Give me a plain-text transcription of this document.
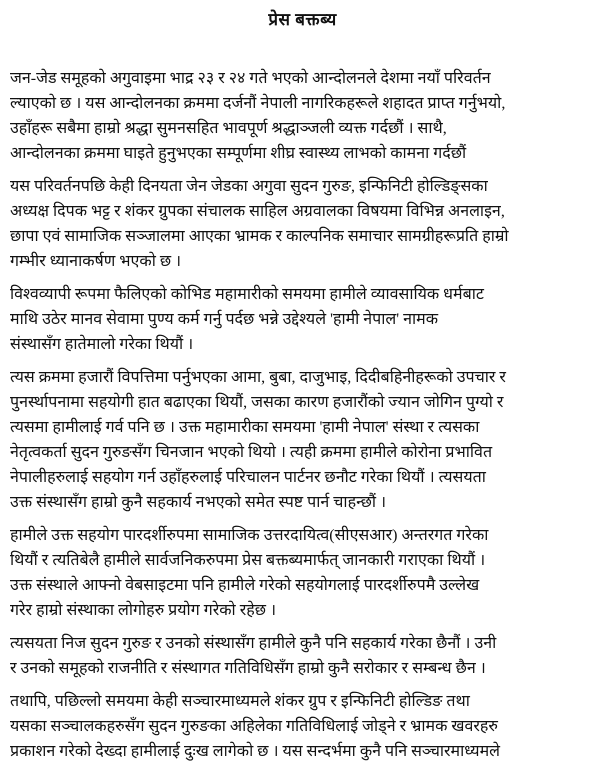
प्रेस बक्तब्य
जन-जेड समूहको अगुवाइमा भाद्र २३ र २४ गते भएको आन्दोलनले देशमा नयाँ परिवर्तन
ल्याएको छ । यस आन्दोलनका क्रममा दर्जनौं नेपाली नागरिकहरूले शहादत प्राप्त गर्नुभयो,
उहाँहरू सबैमा हाम्रो श्रद्धा सुमनसहित भावपूर्ण श्रद्धाञ्जली व्यक्त गर्दछौं । साथै,
आन्दोलनका क्रममा घाइते हुनुभएका सम्पूर्णमा शीघ्र स्वास्थ्य लाभको कामना गर्दछौं
यस परिवर्तनपछि केही दिनयता जेन जेडका अगुवा सुदन गुरुङ, इन्फिनिटी होल्डिङ्सका
अध्यक्ष दिपक भट्ट र शंकर ग्रुपका संचालक साहिल अग्रवालका विषयमा विभिन्न अनलाइन,
छापा एवं सामाजिक सञ्जालमा आएका भ्रामक र काल्पनिक समाचार सामग्रीहरूप्रति हाम्रो
गम्भीर ध्यानाकर्षण भएको छ ।
विश्वव्यापी रूपमा फैलिएको कोभिड महामारीको समयमा हामीले व्यावसायिक धर्मबाट
माथि उठेर मानव सेवामा पुण्य कर्म गर्नु पर्दछ भन्ने उद्देश्यले 'हामी नेपाल' नामक
संस्थासँग हातेमालो गरेका थियौं ।
त्यस क्रममा हजारौं विपत्तिमा पर्नुभएका आमा, बुबा, दाजुभाइ, दिदीबहिनीहरूको उपचार र
पुनर्स्थापनामा सहयोगी हात बढाएका थियौं, जसका कारण हजारौंको ज्यान जोगिन पुग्यो र
त्यसमा हामीलाई गर्व पनि छ । उक्त महामारीका समयमा 'हामी नेपाल' संस्था र त्यसका
नेतृत्वकर्ता सुदन गुरुङसँग चिनजान भएको थियो । त्यही क्रममा हामीले कोरोना प्रभावित
नेपालीहरुलाई सहयोग गर्न उहाँहरुलाई परिचालन पार्टनर छनौट गरेका थियौं । त्यसयता
उक्त संस्थासँग हाम्रो कुनै सहकार्य नभएको समेत स्पष्ट पार्न चाहन्छौं ।
हामीले उक्त सहयोग पारदर्शीरुपमा सामाजिक उत्तरदायित्व(सीएसआर) अन्तरगत गरेका
थियौं र त्यतिबेलै हामीले सार्वजनिकरुपमा प्रेस बक्तब्यमार्फत् जानकारी गराएका थियौं ।
उक्त संस्थाले आफ्नो वेबसाइटमा पनि हामीले गरेको सहयोगलाई पारदर्शीरुपमै उल्लेख
गरेर हाम्रो संस्थाका लोगोहरु प्रयोग गरेको रहेछ ।
त्यसयता निज सुदन गुरुङ र उनको संस्थासँग हामीले कुनै पनि सहकार्य गरेका छैनौं । उनी
र उनको समूहको राजनीति र संस्थागत गतिविधिसँग हाम्रो कुनै सरोकार र सम्बन्ध छैन ।
तथापि, पछिल्लो समयमा केही सञ्चारमाध्यमले शंकर ग्रुप र इन्फिनिटी होल्डिङ तथा
यसका सञ्चालकहरुसँग सुदन गुरुङका अहिलेका गतिविधिलाई जोड्ने र भ्रामक खवरहरु
प्रकाशन गरेको देख्दा हामीलाई दुःख लागेको छ । यस सन्दर्भमा कुनै पनि सञ्चारमाध्यमले
